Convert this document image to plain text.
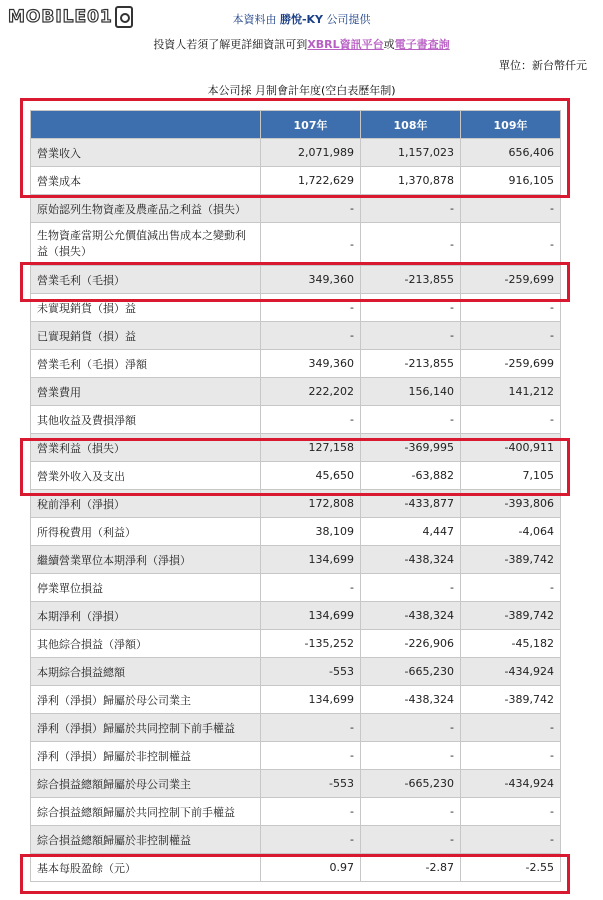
MOBILE01	本資料由 勝悅-KY 公司提供
投資人若須了解更詳細資訊可到XBRL資訊平台或電子書查詢
單位：新台幣仟元
本公司採 月制會計年度(空白表歷年制)
	107年	108年	109年
營業收入	2,071,989	1,157,023	656,406
營業成本	1,722,629	1,370,878	916,105
原始認列生物資產及農產品之利益（損失）	-	-	-
生物資產當期公允價值減出售成本之變動利益（損失）	-	-	-
營業毛利（毛損）	349,360	-213,855	-259,699
未實現銷貨（損）益	-	-	-
已實現銷貨（損）益	-	-	-
營業毛利（毛損）淨額	349,360	-213,855	-259,699
營業費用	222,202	156,140	141,212
其他收益及費損淨額	-	-	-
營業利益（損失）	127,158	-369,995	-400,911
營業外收入及支出	45,650	-63,882	7,105
稅前淨利（淨損）	172,808	-433,877	-393,806
所得稅費用（利益）	38,109	4,447	-4,064
繼續營業單位本期淨利（淨損）	134,699	-438,324	-389,742
停業單位損益	-	-	-
本期淨利（淨損）	134,699	-438,324	-389,742
其他綜合損益（淨額）	-135,252	-226,906	-45,182
本期綜合損益總額	-553	-665,230	-434,924
淨利（淨損）歸屬於母公司業主	134,699	-438,324	-389,742
淨利（淨損）歸屬於共同控制下前手權益	-	-	-
淨利（淨損）歸屬於非控制權益	-	-	-
綜合損益總額歸屬於母公司業主	-553	-665,230	-434,924
綜合損益總額歸屬於共同控制下前手權益	-	-	-
綜合損益總額歸屬於非控制權益	-	-	-
基本每股盈餘（元）	0.97	-2.87	-2.55
